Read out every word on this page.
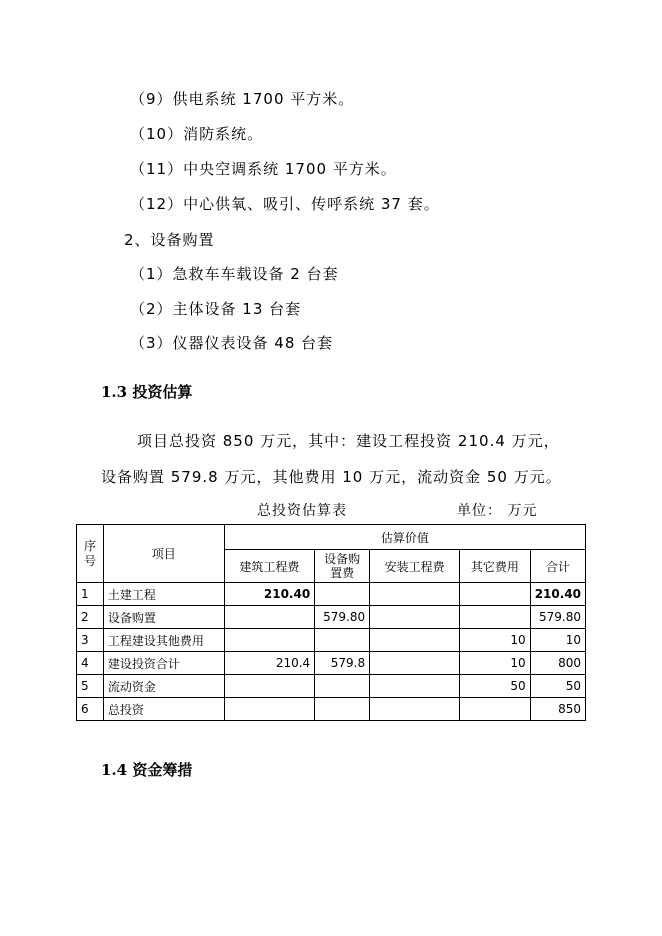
（9）供电系统 1700 平方米。
（10）消防系统。
（11）中央空调系统 1700 平方米。
（12）中心供氧、吸引、传呼系统 37 套。
2、设备购置
（1）急救车车载设备 2 台套
（2）主体设备 13 台套
（3）仪器仪表设备 48 台套
1.3 投资估算
项目总投资 850 万元，其中：建设工程投资 210.4 万元，
设备购置 579.8 万元，其他费用 10 万元，流动资金 50 万元。
总投资估算表	单位： 万元
序号	项目	估算价值				
		建筑工程费	设备购置费	安装工程费	其它费用	合计
1	土建工程	210.40				210.40
2	设备购置		579.80			579.80
3	工程建设其他费用				10	10
4	建设投资合计	210.4	579.8		10	800
5	流动资金				50	50
6	总投资					850
1.4 资金筹措
